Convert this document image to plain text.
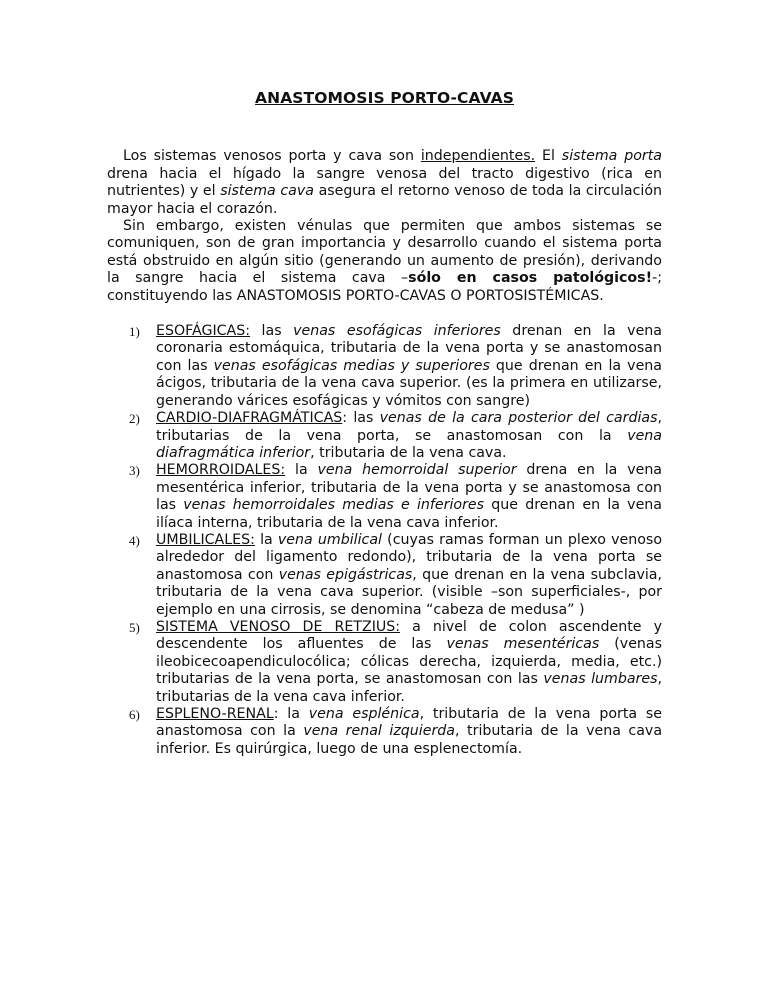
ANASTOMOSIS PORTO-CAVAS

Los sistemas venosos porta y cava son independientes. El sistema porta drena hacia el hígado la sangre venosa del tracto digestivo (rica en nutrientes) y el sistema cava asegura el retorno venoso de toda la circulación mayor hacia el corazón.

Sin embargo, existen vénulas que permiten que ambos sistemas se comuniquen, son de gran importancia y desarrollo cuando el sistema porta está obstruido en algún sitio (generando un aumento de presión), derivando la sangre hacia el sistema cava –sólo en casos patológicos!-; constituyendo las ANASTOMOSIS PORTO-CAVAS O PORTOSISTÉMICAS.

1) ESOFÁGICAS: las venas esofágicas inferiores drenan en la vena coronaria estomáquica, tributaria de la vena porta y se anastomosan con las venas esofágicas medias y superiores que drenan en la vena ácigos, tributaria de la vena cava superior. (es la primera en utilizarse, generando várices esofágicas y vómitos con sangre)
2) CARDIO-DIAFRAGMÁTICAS: las venas de la cara posterior del cardias, tributarias de la vena porta, se anastomosan con la vena diafragmática inferior, tributaria de la vena cava.
3) HEMORROIDALES: la vena hemorroidal superior drena en la vena mesentérica inferior, tributaria de la vena porta y se anastomosa con las venas hemorroidales medias e inferiores que drenan en la vena ilíaca interna, tributaria de la vena cava inferior.
4) UMBILICALES: la vena umbilical (cuyas ramas forman un plexo venoso alrededor del ligamento redondo), tributaria de la vena porta se anastomosa con venas epigástricas, que drenan en la vena subclavia, tributaria de la vena cava superior. (visible –son superficiales-, por ejemplo en una cirrosis, se denomina “cabeza de medusa” )
5) SISTEMA VENOSO DE RETZIUS: a nivel de colon ascendente y descendente los afluentes de las venas mesentéricas (venas ileobicecoapendiculocólica; cólicas derecha, izquierda, media, etc.) tributarias de la vena porta, se anastomosan con las venas lumbares, tributarias de la vena cava inferior.
6) ESPLENO-RENAL: la vena esplénica, tributaria de la vena porta se anastomosa con la vena renal izquierda, tributaria de la vena cava inferior. Es quirúrgica, luego de una esplenectomía.
